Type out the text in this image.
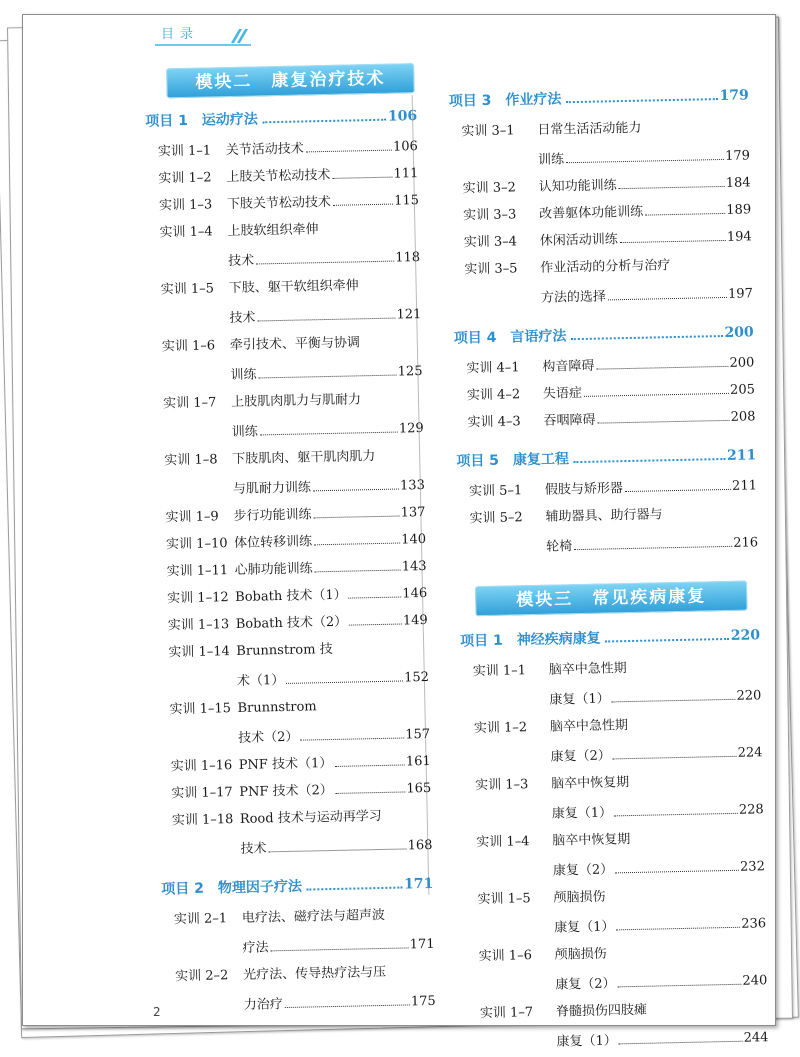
目录
模块二　康复治疗技术
项目 1　运动疗法	106
实训 1–1 关节活动技术	106
实训 1–2 上肢关节松动技术	111
实训 1–3 下肢关节松动技术	115
实训 1–4 上肢软组织牵伸
技术	118
实训 1–5 下肢、躯干软组织牵伸
技术	121
实训 1–6 牵引技术、平衡与协调
训练	125
实训 1–7 上肢肌肉肌力与肌耐力
训练	129
实训 1–8 下肢肌肉、躯干肌肉肌力
与肌耐力训练	133
实训 1–9 步行功能训练	137
实训 1–10 体位转移训练	140
实训 1–11 心肺功能训练	143
实训 1–12 Bobath 技术（1）	146
实训 1–13 Bobath 技术（2）	149
实训 1–14 Brunnstrom 技
术（1）	152
实训 1–15 Brunnstrom
技术（2）	157
实训 1–16 PNF 技术（1）	161
实训 1–17 PNF 技术（2）	165
实训 1–18 Rood 技术与运动再学习
技术	168
项目 2　物理因子疗法	171
实训 2–1 电疗法、磁疗法与超声波
疗法	171
实训 2–2 光疗法、传导热疗法与压
力治疗	175
项目 3　作业疗法	179
实训 3–1 日常生活活动能力
训练	179
实训 3–2 认知功能训练	184
实训 3–3 改善躯体功能训练	189
实训 3–4 休闲活动训练	194
实训 3–5 作业活动的分析与治疗
方法的选择	197
项目 4　言语疗法	200
实训 4–1 构音障碍	200
实训 4–2 失语症	205
实训 4–3 吞咽障碍	208
项目 5　康复工程	211
实训 5–1 假肢与矫形器	211
实训 5–2 辅助器具、助行器与
轮椅	216
模块三　常见疾病康复
项目 1　神经疾病康复	220
实训 1–1 脑卒中急性期
康复（1）	220
实训 1–2 脑卒中急性期
康复（2）	224
实训 1–3 脑卒中恢复期
康复（1）	228
实训 1–4 脑卒中恢复期
康复（2）	232
实训 1–5 颅脑损伤
康复（1）	236
实训 1–6 颅脑损伤
康复（2）	240
实训 1–7 脊髓损伤四肢瘫
康复（1）	244
2
